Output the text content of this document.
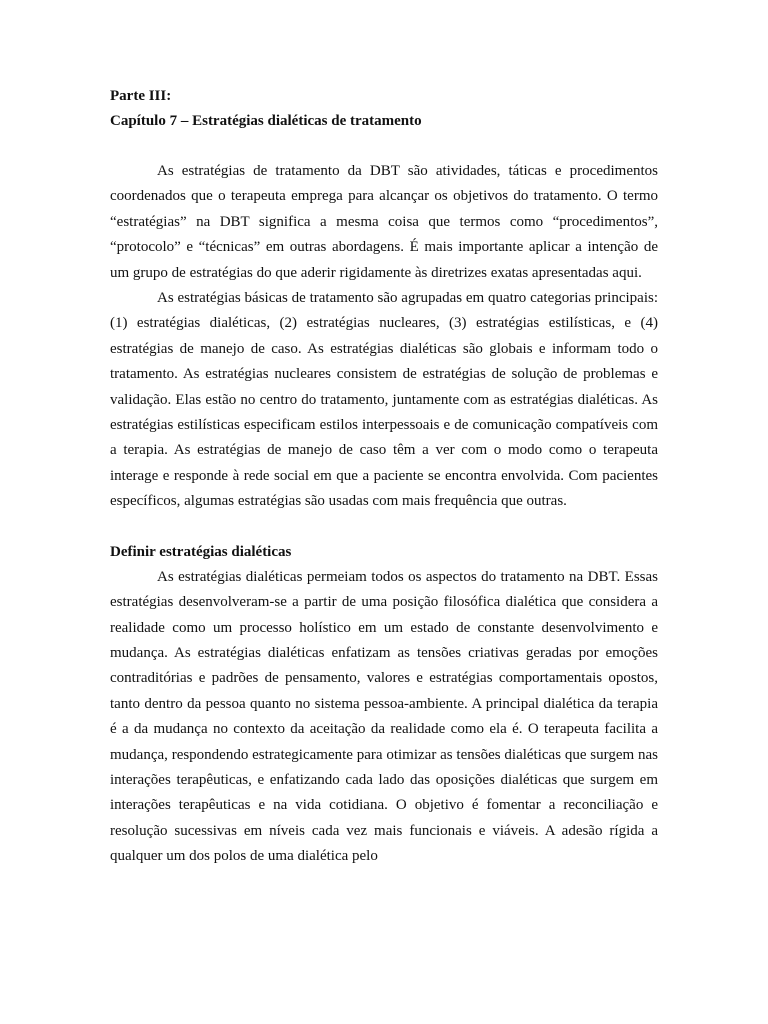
Parte III:

Capítulo 7 – Estratégias dialéticas de tratamento

As estratégias de tratamento da DBT são atividades, táticas e procedimentos coordenados que o terapeuta emprega para alcançar os objetivos do tratamento. O termo “estratégias” na DBT significa a mesma coisa que termos como “procedimentos”, “protocolo” e “técnicas” em outras abordagens. É mais importante aplicar a intenção de um grupo de estratégias do que aderir rigidamente às diretrizes exatas apresentadas aqui.

As estratégias básicas de tratamento são agrupadas em quatro categorias principais: (1) estratégias dialéticas, (2) estratégias nucleares, (3) estratégias estilísticas, e (4) estratégias de manejo de caso. As estratégias dialéticas são globais e informam todo o tratamento. As estratégias nucleares consistem de estratégias de solução de problemas e validação. Elas estão no centro do tratamento, juntamente com as estratégias dialéticas. As estratégias estilísticas especificam estilos interpessoais e de comunicação compatíveis com a terapia. As estratégias de manejo de caso têm a ver com o modo como o terapeuta interage e responde à rede social em que a paciente se encontra envolvida. Com pacientes específicos, algumas estratégias são usadas com mais frequência que outras.

Definir estratégias dialéticas

As estratégias dialéticas permeiam todos os aspectos do tratamento na DBT. Essas estratégias desenvolveram-se a partir de uma posição filosófica dialética que considera a realidade como um processo holístico em um estado de constante desenvolvimento e mudança. As estratégias dialéticas enfatizam as tensões criativas geradas por emoções contraditórias e padrões de pensamento, valores e estratégias comportamentais opostos, tanto dentro da pessoa quanto no sistema pessoa-ambiente. A principal dialética da terapia é a da mudança no contexto da aceitação da realidade como ela é. O terapeuta facilita a mudança, respondendo estrategicamente para otimizar as tensões dialéticas que surgem nas interações terapêuticas, e enfatizando cada lado das oposições dialéticas que surgem em interações terapêuticas e na vida cotidiana. O objetivo é fomentar a reconciliação e resolução sucessivas em níveis cada vez mais funcionais e viáveis. A adesão rígida a qualquer um dos polos de uma dialética pelo
